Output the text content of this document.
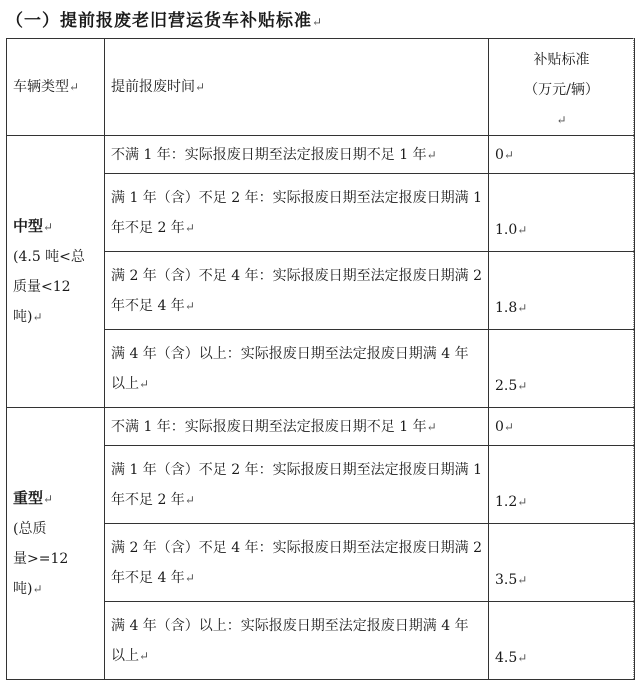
（一）提前报废老旧营运货车补贴标准↵
车辆类型↵	提前报废时间↵	补贴标准
（万元/辆）
↵

中型↵
(4.5 吨<总
质量<12
吨)↵	不满 1 年：实际报废日期至法定报废日期不足 1 年↵	0↵
	满 1 年（含）不足 2 年：实际报废日期至法定报废日期满 1 年不足 2 年↵	1.0↵
	满 2 年（含）不足 4 年：实际报废日期至法定报废日期满 2 年不足 4 年↵	1.8↵
	满 4 年（含）以上：实际报废日期至法定报废日期满 4 年以上↵	2.5↵

重型↵
(总质
量>=12 吨)↵	不满 1 年：实际报废日期至法定报废日期不足 1 年↵	0↵
	满 1 年（含）不足 2 年：实际报废日期至法定报废日期满 1 年不足 2 年↵	1.2↵
	满 2 年（含）不足 4 年：实际报废日期至法定报废日期满 2 年不足 4 年↵	3.5↵
	满 4 年（含）以上：实际报废日期至法定报废日期满 4 年以上↵	4.5↵
